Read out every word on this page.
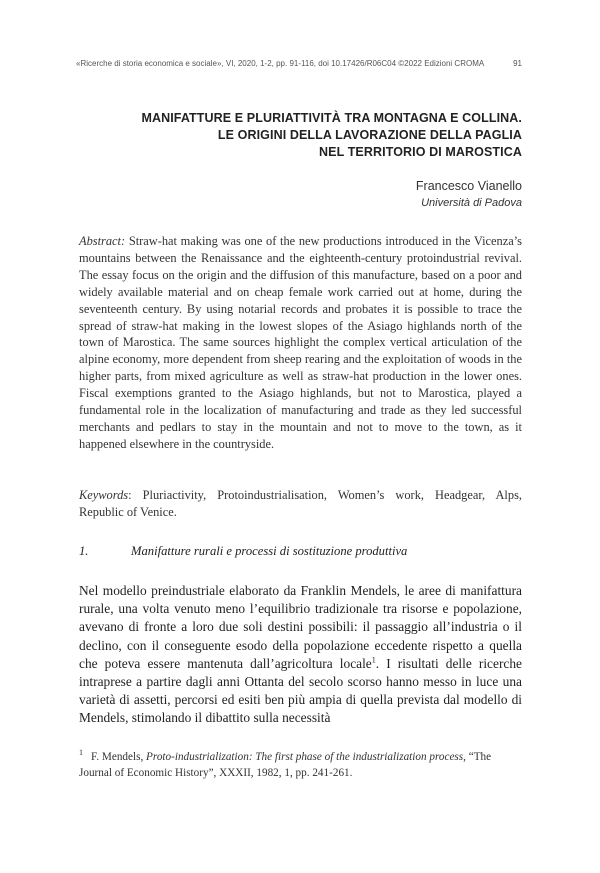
«Ricerche di storia economica e sociale», VI, 2020, 1-2, pp. 91-116, doi 10.17426/R06C04 ©2022 Edizioni CROMA	91
MANIFATTURE E PLURIATTIVITÀ TRA MONTAGNA E COLLINA.
LE ORIGINI DELLA LAVORAZIONE DELLA PAGLIA
NEL TERRITORIO DI MAROSTICA
Francesco Vianello
Università di Padova
Abstract: Straw-hat making was one of the new productions introduced in the Vicenza’s mountains between the Renaissance and the eighteenth-century protoindustrial revival. The essay focus on the origin and the diffusion of this manufacture, based on a poor and widely available material and on cheap female work carried out at home, during the seventeenth century. By using notarial records and probates it is possible to trace the spread of straw-hat making in the lowest slopes of the Asiago highlands north of the town of Marostica. The same sources highlight the complex vertical articulation of the alpine economy, more dependent from sheep rearing and the exploitation of woods in the higher parts, from mixed agriculture as well as straw-hat production in the lower ones. Fiscal exemptions granted to the Asiago highlands, but not to Marostica, played a fundamental role in the localization of manufacturing and trade as they led successful merchants and pedlars to stay in the mountain and not to move to the town, as it happened elsewhere in the countryside.
Keywords: Pluriactivity, Protoindustrialisation, Women’s work, Headgear, Alps, Republic of Venice.
1.	Manifatture rurali e processi di sostituzione produttiva
Nel modello preindustriale elaborato da Franklin Mendels, le aree di manifattura rurale, una volta venuto meno l’equilibrio tradizionale tra risorse e popolazione, avevano di fronte a loro due soli destini possibili: il passaggio all’industria o il declino, con il conseguente esodo della popolazione eccedente rispetto a quella che poteva essere mantenuta dall’agricoltura locale$^1$. I risultati delle ricerche intraprese a partire dagli anni Ottanta del secolo scorso hanno messo in luce una varietà di assetti, percorsi ed esiti ben più ampia di quella prevista dal modello di Mendels, stimolando il dibattito sulla necessità
$^1$ F. Mendels, Proto-industrialization: The first phase of the industrialization process, “The Journal of Economic History”, XXXII, 1982, 1, pp. 241-261.
